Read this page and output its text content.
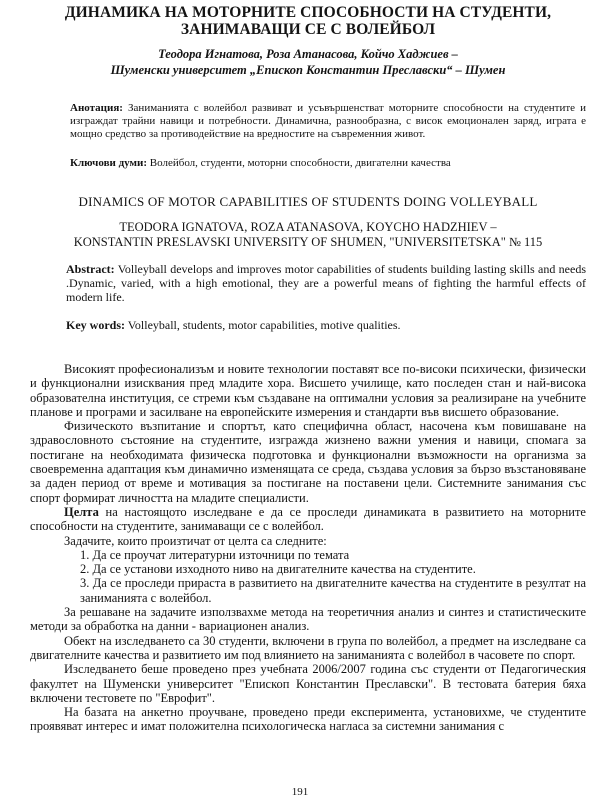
ДИНАМИКА НА МОТОРНИТЕ СПОСОБНОСТИ НА СТУДЕНТИ, ЗАНИМАВАЩИ СЕ С ВОЛЕЙБОЛ
Теодора Игнатова, Роза Атанасова, Койчо Хаджиев –
Шуменски университет „Епископ Константин Преславски“ – Шумен
Анотация: Заниманията с волейбол развиват и усъвършенстват моторните способности на студентите и изграждат трайни навици и потребности. Динамична, разнообразна, с висок емоционален заряд, играта е мощно средство за противодействие на вредностите на съвременния живот.
Ключови думи: Волейбол, студенти, моторни способности, двигателни качества
DINAMICS OF MOTOR CAPABILITIES OF STUDENTS DOING VOLLEYBALL
TEODORA IGNATOVA, ROZA ATANASOVA, KOYCHO HADZHIEV –
KONSTANTIN PRESLAVSKI UNIVERSITY OF SHUMEN, "UNIVERSITETSKA" № 115
Abstract: Volleyball develops and improves motor capabilities of students building lasting skills and needs .Dynamic, varied, with a high emotional, they are a powerful means of fighting the harmful effects of modern life.
Key words: Volleyball, students, motor capabilities, motive qualities.

Високият професионализъм и новите технологии поставят все по-високи психически, физически и функционални изисквания пред младите хора. Висшето училище, като последен стан и най-висока образователна институция, се стреми към създаване на оптимални условия за реализиране на учебните планове и програми и засилване на европейските измерения и стандарти във висшето образование.

Физическото възпитание и спортът, като специфична област, насочена към повишаване на здравословното състояние на студентите, изгражда жизнено важни умения и навици, спомага за постигане на необходимата физическа подготовка и функционални възможности на организма за своевременна адаптация към динамично изменящата се среда, създава условия за бързо възстановяване за даден период от време и мотивация за постигане на поставени цели. Системните занимания със спорт формират личността на младите специалисти.

Целта на настоящото изследване е да се проследи динамиката в развитието на моторните способности на студентите, занимаващи се с волейбол.

Задачите, които произтичат от целта са следните:

1. Да се проучат литературни източници по темата

2. Да се установи изходното ниво на двигателните качества на студентите.

3. Да се проследи прираста в развитието на двигателните качества на студентите в резултат на заниманията с волейбол.

За решаване на задачите използвахме метода на теоретичния анализ и синтез и статистическите методи за обработка на данни - вариационен анализ.

Обект на изследването са 30 студенти, включени в група по волейбол, а предмет на изследване са двигателните качества и развитието им под влиянието на заниманията с волейбол в часовете по спорт.

Изследването беше проведено през учебната 2006/2007 година със студенти от Педагогическия факултет на Шуменски университет "Епископ Константин Преславски". В тестовата батерия бяха включени тестовете по "Еврофит".

На базата на анкетно проучване, проведено преди експеримента, установихме, че студентите проявяват интерес и имат положителна психологическа нагласа за системни занимания с

191
